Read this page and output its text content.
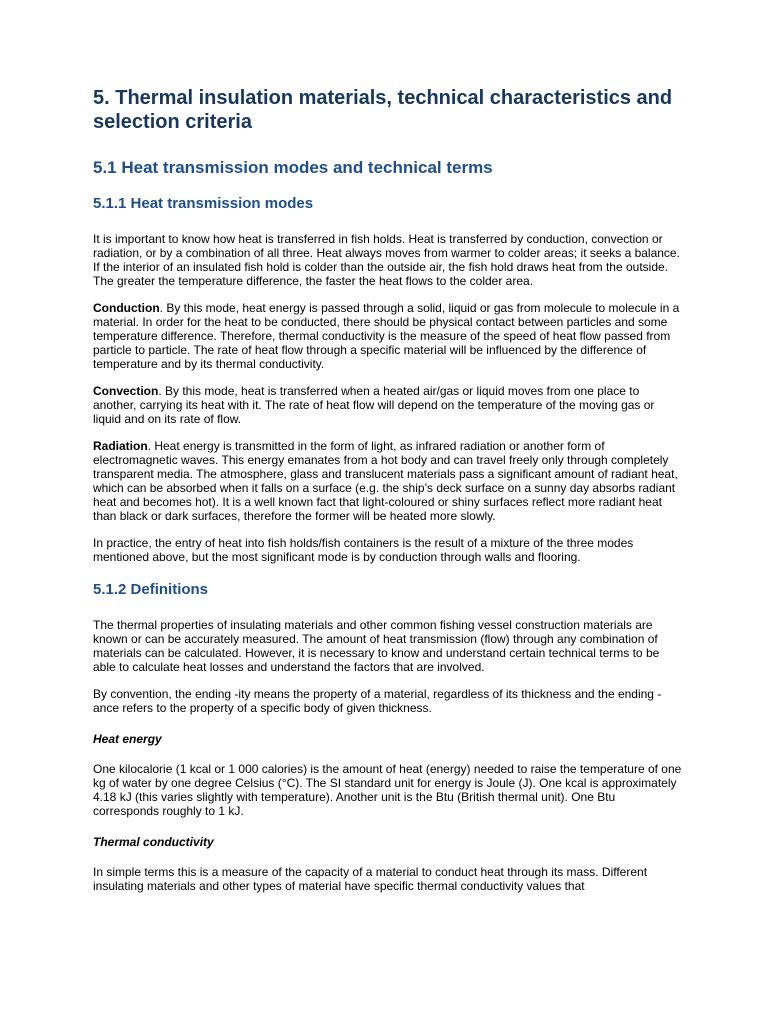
5. Thermal insulation materials, technical characteristics and selection criteria
5.1 Heat transmission modes and technical terms
5.1.1 Heat transmission modes

It is important to know how heat is transferred in fish holds. Heat is transferred by conduction, convection or radiation, or by a combination of all three. Heat always moves from warmer to colder areas; it seeks a balance. If the interior of an insulated fish hold is colder than the outside air, the fish hold draws heat from the outside. The greater the temperature difference, the faster the heat flows to the colder area.

Conduction. By this mode, heat energy is passed through a solid, liquid or gas from molecule to molecule in a material. In order for the heat to be conducted, there should be physical contact between particles and some temperature difference. Therefore, thermal conductivity is the measure of the speed of heat flow passed from particle to particle. The rate of heat flow through a specific material will be influenced by the difference of temperature and by its thermal conductivity.

Convection. By this mode, heat is transferred when a heated air/gas or liquid moves from one place to another, carrying its heat with it. The rate of heat flow will depend on the temperature of the moving gas or liquid and on its rate of flow.

Radiation. Heat energy is transmitted in the form of light, as infrared radiation or another form of electromagnetic waves. This energy emanates from a hot body and can travel freely only through completely transparent media. The atmosphere, glass and translucent materials pass a significant amount of radiant heat, which can be absorbed when it falls on a surface (e.g. the ship’s deck surface on a sunny day absorbs radiant heat and becomes hot). It is a well known fact that light-coloured or shiny surfaces reflect more radiant heat than black or dark surfaces, therefore the former will be heated more slowly.

In practice, the entry of heat into fish holds/fish containers is the result of a mixture of the three modes mentioned above, but the most significant mode is by conduction through walls and flooring.

5.1.2 Definitions

The thermal properties of insulating materials and other common fishing vessel construction materials are known or can be accurately measured. The amount of heat transmission (flow) through any combination of materials can be calculated. However, it is necessary to know and understand certain technical terms to be able to calculate heat losses and understand the factors that are involved.

By convention, the ending -ity means the property of a material, regardless of its thickness and the ending -ance refers to the property of a specific body of given thickness.

Heat energy

One kilocalorie (1 kcal or 1 000 calories) is the amount of heat (energy) needed to raise the temperature of one kg of water by one degree Celsius (°C). The SI standard unit for energy is Joule (J). One kcal is approximately 4.18 kJ (this varies slightly with temperature). Another unit is the Btu (British thermal unit). One Btu corresponds roughly to 1 kJ.

Thermal conductivity

In simple terms this is a measure of the capacity of a material to conduct heat through its mass. Different insulating materials and other types of material have specific thermal conductivity values that
